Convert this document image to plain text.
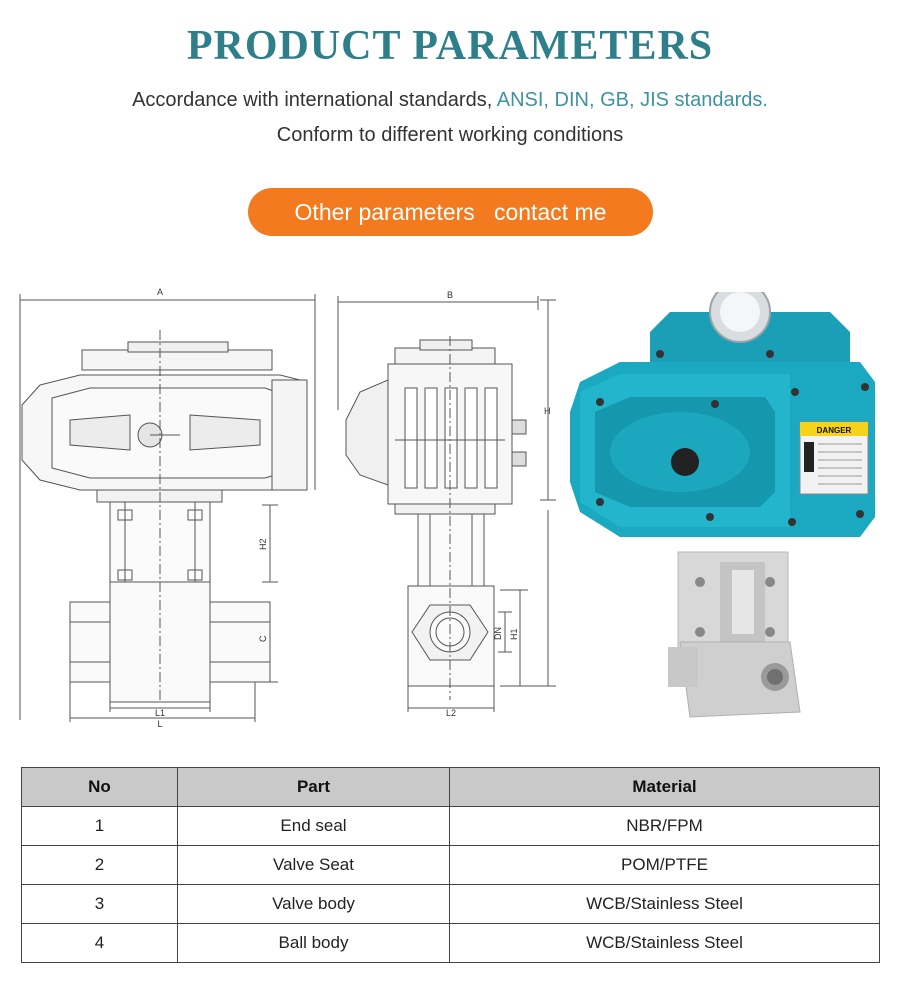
PRODUCT PARAMETERS
Accordance with international standards, ANSI, DIN, GB, JIS standards.
Conform to different working conditions
Other parameters   contact me
A	B
H
H2
C	DN H1
L1
L
L2
DANGER
No	Part	Material
1	End seal	NBR/FPM
2	Valve Seat	POM/PTFE
3	Valve body	WCB/Stainless Steel
4	Ball body	WCB/Stainless Steel
